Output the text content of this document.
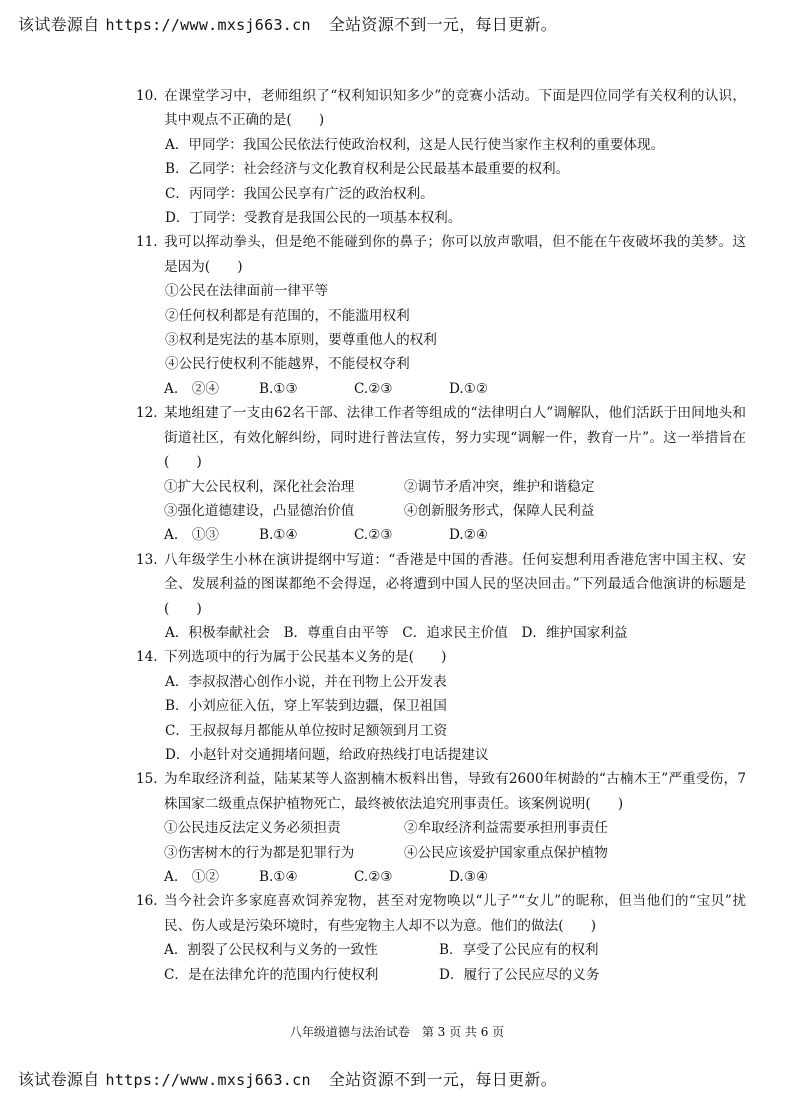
该试卷源自 https://www.mxsj663.cn 全站资源不到一元，每日更新。
10. 在课堂学习中，老师组织了“权利知识知多少”的竞赛小活动。下面是四位同学有关权利的认识，其中观点不正确的是(　　)
A．甲同学：我国公民依法行使政治权利，这是人民行使当家作主权利的重要体现。
B．乙同学：社会经济与文化教育权利是公民最基本最重要的权利。
C．丙同学：我国公民享有广泛的政治权利。
D．丁同学：受教育是我国公民的一项基本权利。
11. 我可以挥动拳头，但是绝不能碰到你的鼻子；你可以放声歌唱，但不能在午夜破坏我的美梦。这是因为(　　)
①公民在法律面前一律平等
②任何权利都是有范围的，不能滥用权利
③权利是宪法的基本原则，要尊重他人的权利
④公民行使权利不能越界，不能侵权夺利
A.　②④	B.①③	C.②③	D.①②
12. 某地组建了一支由62名干部、法律工作者等组成的“法律明白人”调解队，他们活跃于田间地头和街道社区，有效化解纠纷，同时进行普法宣传，努力实现“调解一件，教育一片”。这一举措旨在(　　)
①扩大公民权利，深化社会治理	②调节矛盾冲突，维护和谐稳定
③强化道德建设，凸显德治价值	④创新服务形式，保障人民利益
A.　①③	B.①④	C.②③	D.②④
13. 八年级学生小林在演讲提纲中写道：“香港是中国的香港。任何妄想利用香港危害中国主权、安全、发展利益的图谋都绝不会得逞，必将遭到中国人民的坚决回击。”下列最适合他演讲的标题是(　　)
A．积极奉献社会　B．尊重自由平等　C．追求民主价值　D．维护国家利益
14. 下列选项中的行为属于公民基本义务的是(　　)
A．李叔叔潜心创作小说，并在刊物上公开发表
B．小刘应征入伍，穿上军装到边疆，保卫祖国
C．王叔叔每月都能从单位按时足额领到月工资
D．小赵针对交通拥堵问题，给政府热线打电话提建议
15. 为牟取经济利益，陆某某等人盗割楠木板料出售，导致有2600年树龄的“古楠木王”严重受伤，7株国家二级重点保护植物死亡，最终被依法追究刑事责任。该案例说明(　　)
①公民违反法定义务必须担责	②牟取经济利益需要承担刑事责任
③伤害树木的行为都是犯罪行为	④公民应该爱护国家重点保护植物
A.　①②	B.①④	C.②③	D.③④
16. 当今社会许多家庭喜欢饲养宠物，甚至对宠物唤以“儿子”“女儿”的昵称，但当他们的“宝贝”扰民、伤人或是污染环境时，有些宠物主人却不以为意。他们的做法(　　)
A．割裂了公民权利与义务的一致性	B．享受了公民应有的权利
C．是在法律允许的范围内行使权利	D．履行了公民应尽的义务
八年级道德与法治试卷　第 3 页 共 6 页
该试卷源自 https://www.mxsj663.cn 全站资源不到一元，每日更新。
